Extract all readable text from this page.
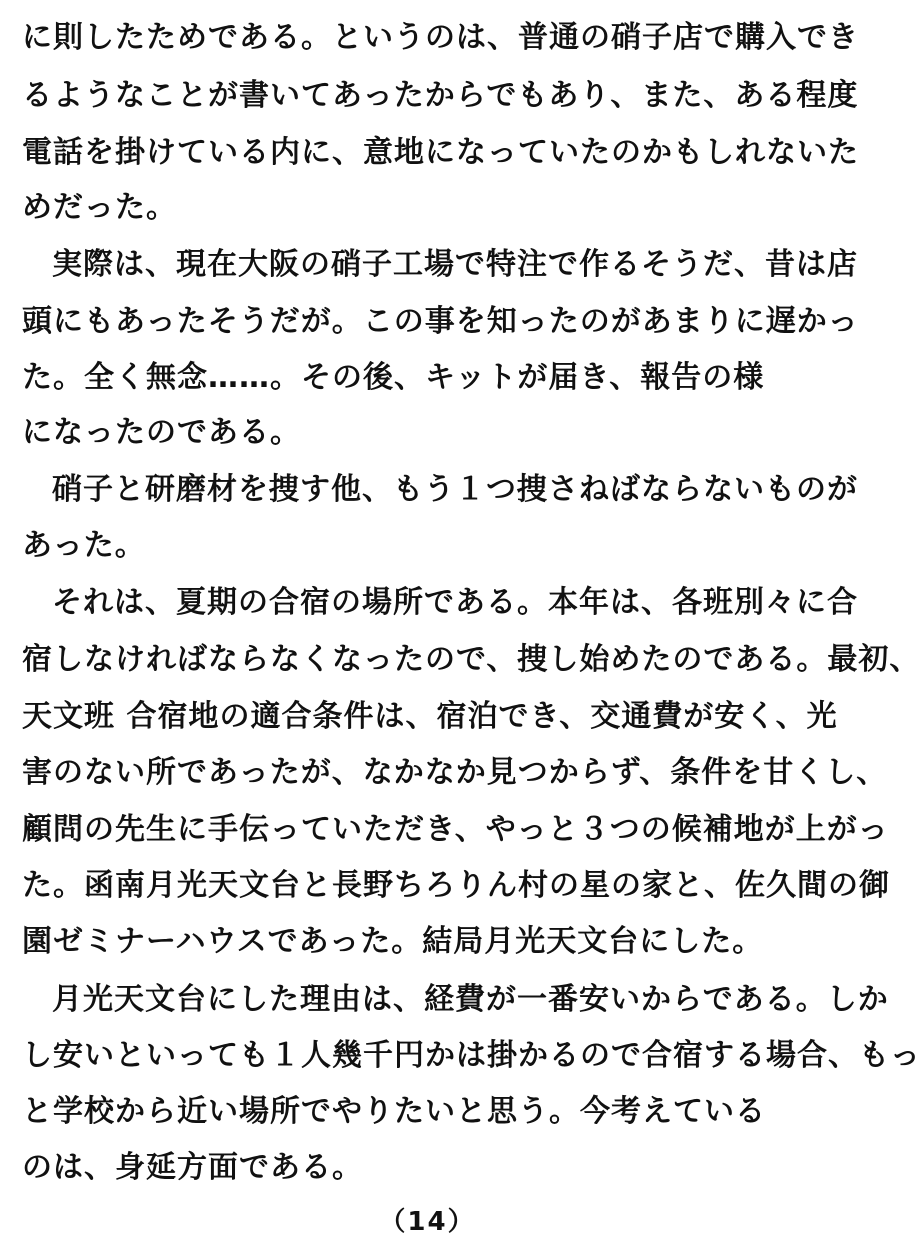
に則したためである。というのは、普通の硝子店で購入でき
るようなことが書いてあったからでもあり、また、ある程度
電話を掛けている内に、意地になっていたのかもしれないた
めだった。
実際は、現在大阪の硝子工場で特注で作るそうだ、昔は店
頭にもあったそうだが。この事を知ったのがあまりに遅かっ
た。全く無念……。その後、キットが届き、報告の様
になったのである。
硝子と研磨材を捜す他、もう１つ捜さねばならないものが
あった。
それは、夏期の合宿の場所である。本年は、各班別々に合
宿しなければならなくなったので、捜し始めたのである。最初、
天文班 合宿地の適合条件は、宿泊でき、交通費が安く、光
害のない所であったが、なかなか見つからず、条件を甘くし、
顧問の先生に手伝っていただき、やっと３つの候補地が上がっ
た。函南月光天文台と長野ちろりん村の星の家と、佐久間の御
園ゼミナーハウスであった。結局月光天文台にした。
月光天文台にした理由は、経費が一番安いからである。しか
し安いといっても１人幾千円かは掛かるので合宿する場合、もっ
と学校から近い場所でやりたいと思う。今考えている
のは、身延方面である。
（14）
